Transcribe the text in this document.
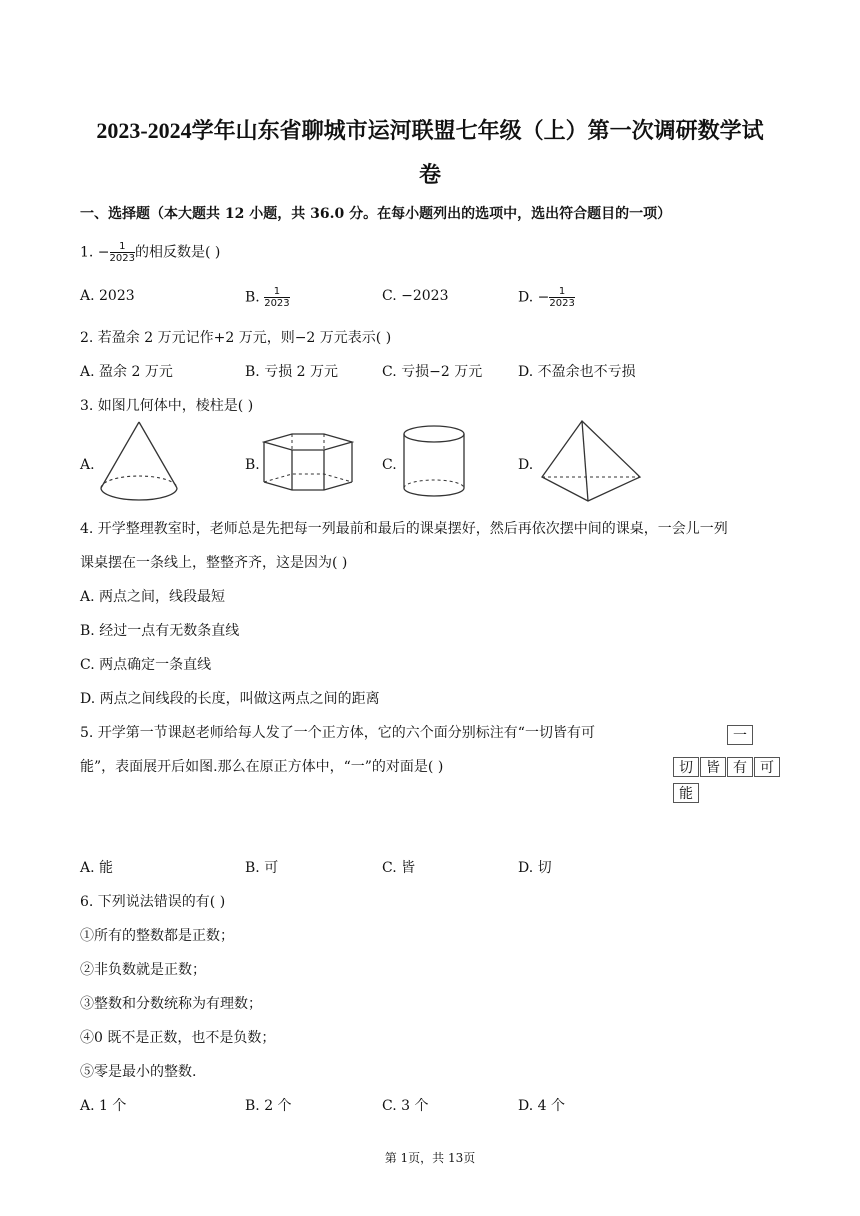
2023-2024学年山东省聊城市运河联盟七年级（上）第一次调研数学试
卷
一、选择题（本大题共 12 小题，共 36.0 分。在每小题列出的选项中，选出符合题目的一项）
1. − $\frac{1}{2023}$ 的相反数是( )
A. 2023	B. $\frac{1}{2023}$	C. −2023	D. − $\frac{1}{2023}$
2. 若盈余 2 万元记作+2 万元，则−2 万元表示( )
A. 盈余 2 万元	B. 亏损 2 万元	C. 亏损−2 万元	D. 不盈余也不亏损
3. 如图几何体中，棱柱是( )
A.	B.	C.	D.
4. 开学整理教室时，老师总是先把每一列最前和最后的课桌摆好，然后再依次摆中间的课桌，一会儿一列
课桌摆在一条线上，整整齐齐，这是因为( )
A. 两点之间，线段最短
B. 经过一点有无数条直线
C. 两点确定一条直线
D. 两点之间线段的长度，叫做这两点之间的距离
5. 开学第一节课赵老师给每人发了一个正方体，它的六个面分别标注有“一切皆有可
能”，表面展开后如图.那么在原正方体中，“一”的对面是( )
一
切 皆 有 可
能
A. 能	B. 可	C. 皆	D. 切
6. 下列说法错误的有( )
①所有的整数都是正数；
②非负数就是正数；
③整数和分数统称为有理数；
④0 既不是正数，也不是负数；
⑤零是最小的整数.
A. 1 个	B. 2 个	C. 3 个	D. 4 个
第 1页，共 13页
